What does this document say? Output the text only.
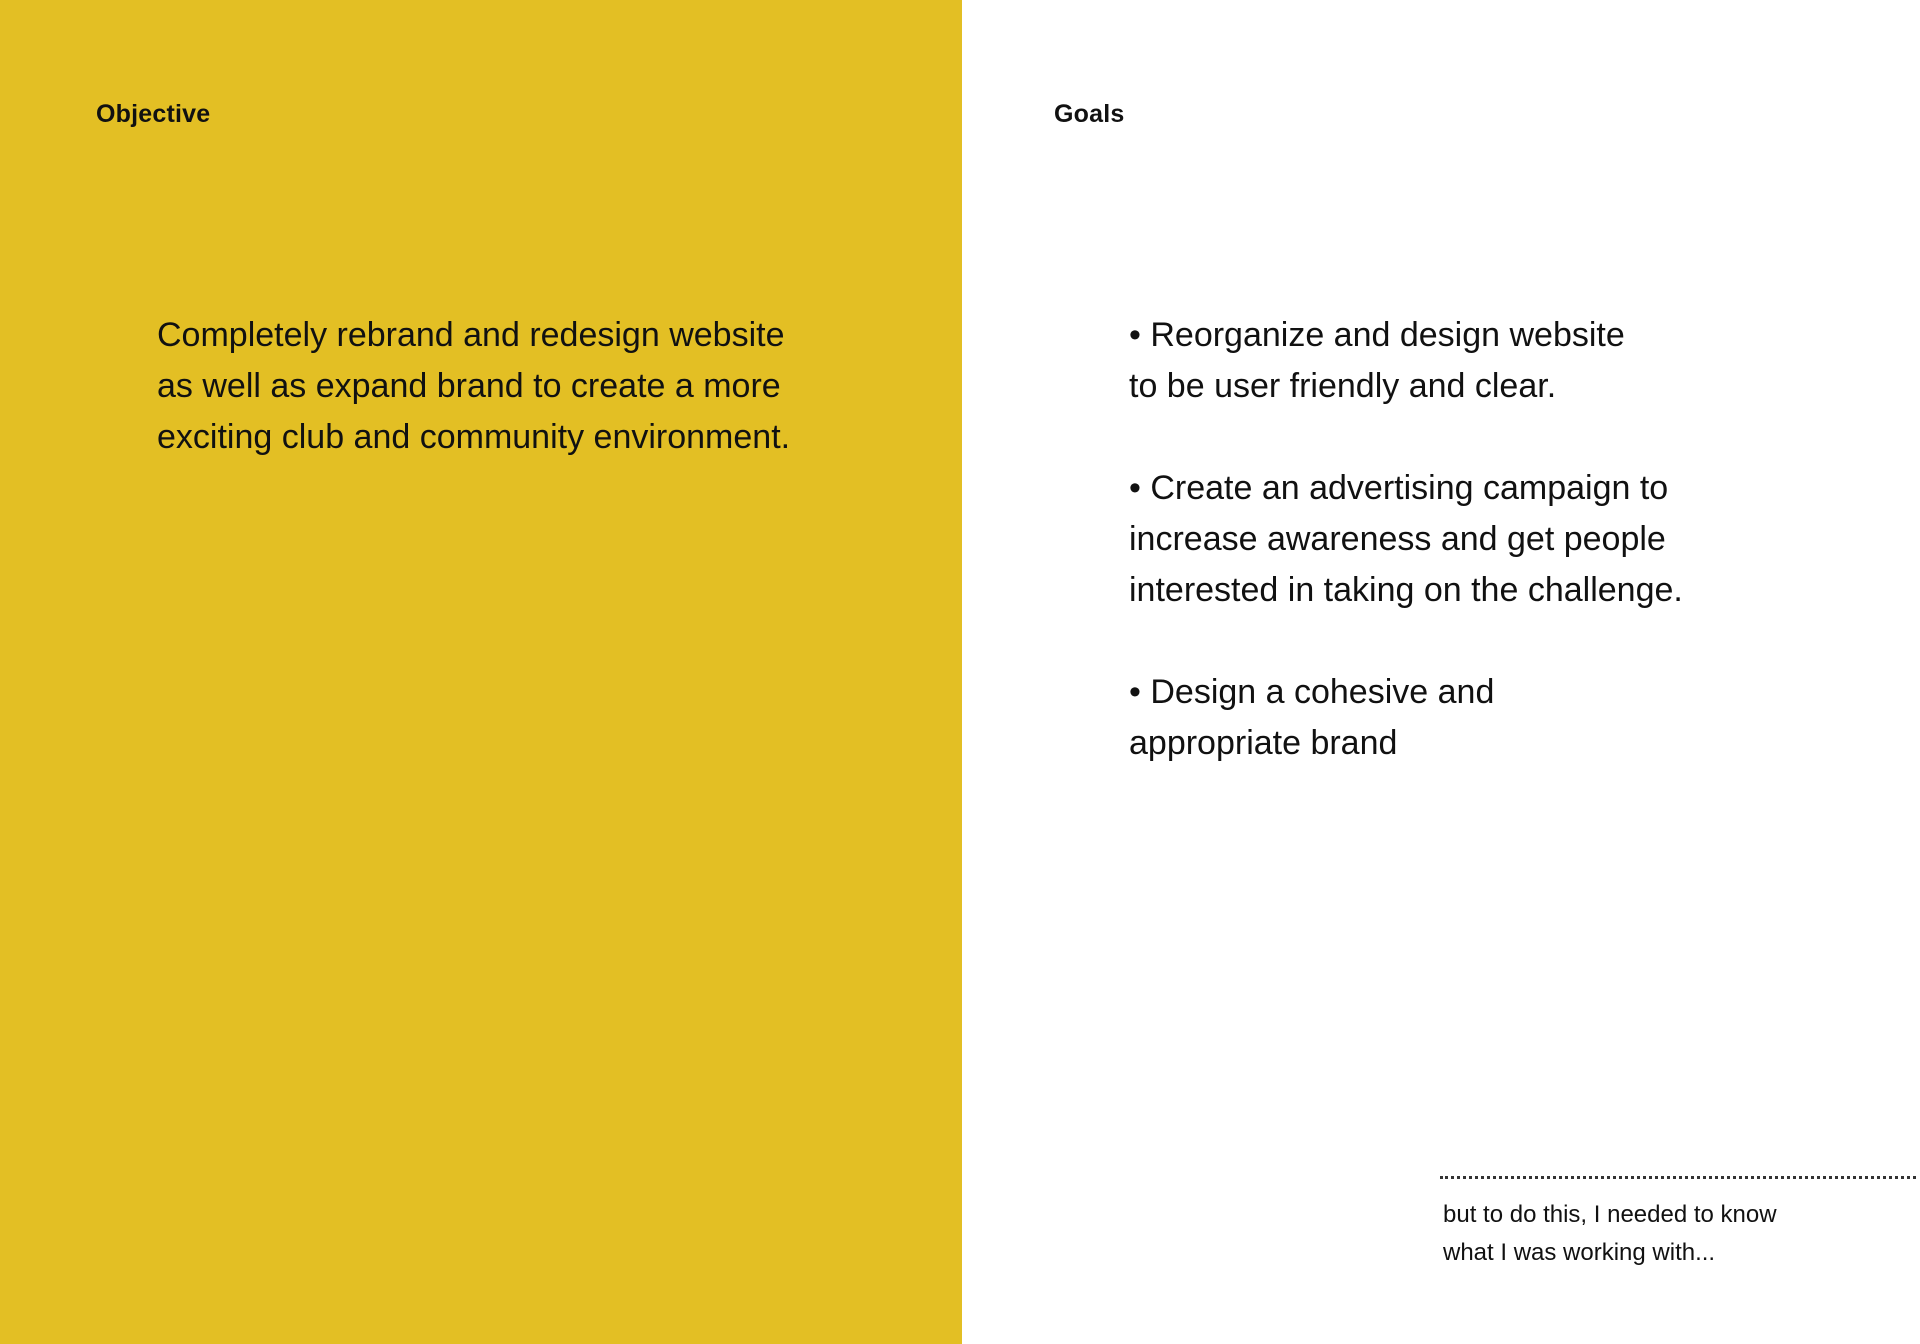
Objective

Completely rebrand and redesign website
as well as expand brand to create a more
exciting club and community environment.

Goals
• Reorganize and design website
to be user friendly and clear.
• Create an advertising campaign to
increase awareness and get people
interested in taking on the challenge.
• Design a cohesive and
appropriate brand

but to do this, I needed to know
what I was working with...
